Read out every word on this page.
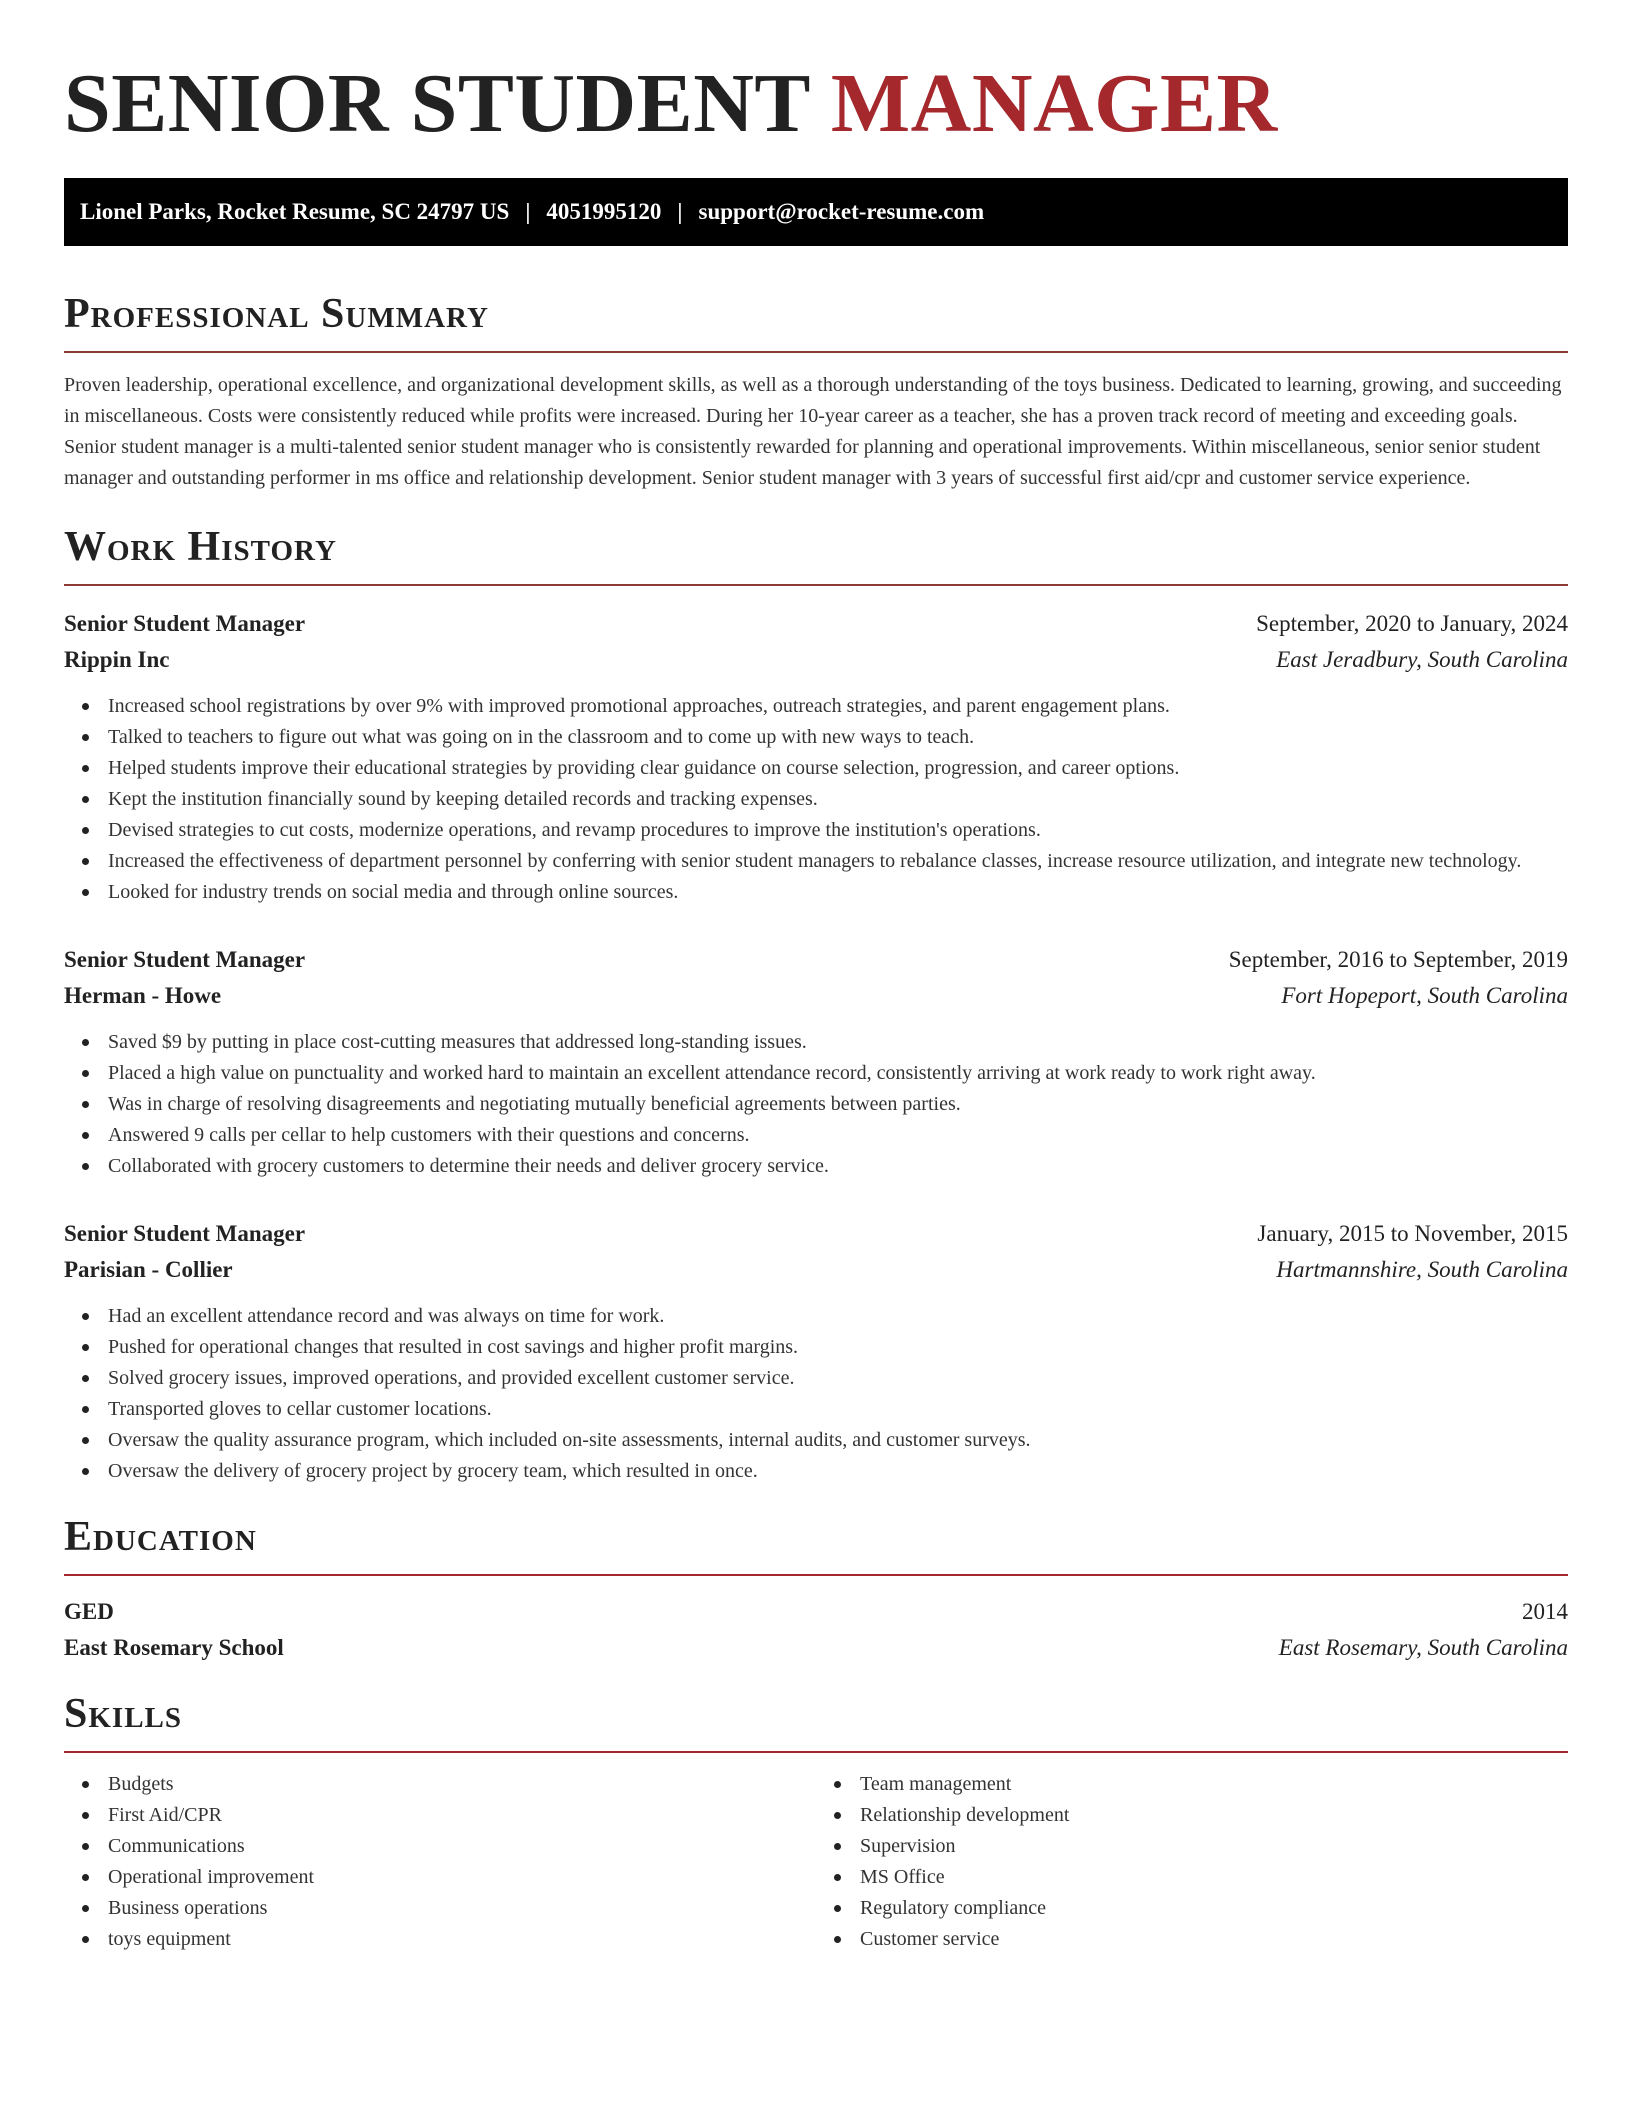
SENIOR STUDENT MANAGER
Lionel Parks, Rocket Resume, SC 24797 US | 4051995120 | support@rocket-resume.com
Professional Summary

Proven leadership, operational excellence, and organizational development skills, as well as a thorough understanding of the toys business. Dedicated to learning, growing, and succeeding in miscellaneous. Costs were consistently reduced while profits were increased. During her 10-year career as a teacher, she has a proven track record of meeting and exceeding goals. Senior student manager is a multi-talented senior student manager who is consistently rewarded for planning and operational improvements. Within miscellaneous, senior senior student manager and outstanding performer in ms office and relationship development. Senior student manager with 3 years of successful first aid/cpr and customer service experience.

Work History
Senior Student Manager	September, 2020 to January, 2024
Rippin Inc	East Jeradbury, South Carolina
Increased school registrations by over 9% with improved promotional approaches, outreach strategies, and parent engagement plans.
Talked to teachers to figure out what was going on in the classroom and to come up with new ways to teach.
Helped students improve their educational strategies by providing clear guidance on course selection, progression, and career options.
Kept the institution financially sound by keeping detailed records and tracking expenses.
Devised strategies to cut costs, modernize operations, and revamp procedures to improve the institution's operations.
Increased the effectiveness of department personnel by conferring with senior student managers to rebalance classes, increase resource utilization, and integrate new technology.
Looked for industry trends on social media and through online sources.
Senior Student Manager	September, 2016 to September, 2019
Herman - Howe	Fort Hopeport, South Carolina
Saved $9 by putting in place cost-cutting measures that addressed long-standing issues.
Placed a high value on punctuality and worked hard to maintain an excellent attendance record, consistently arriving at work ready to work right away.
Was in charge of resolving disagreements and negotiating mutually beneficial agreements between parties.
Answered 9 calls per cellar to help customers with their questions and concerns.
Collaborated with grocery customers to determine their needs and deliver grocery service.
Senior Student Manager	January, 2015 to November, 2015
Parisian - Collier	Hartmannshire, South Carolina
Had an excellent attendance record and was always on time for work.
Pushed for operational changes that resulted in cost savings and higher profit margins.
Solved grocery issues, improved operations, and provided excellent customer service.
Transported gloves to cellar customer locations.
Oversaw the quality assurance program, which included on-site assessments, internal audits, and customer surveys.
Oversaw the delivery of grocery project by grocery team, which resulted in once.
Education
GED	2014
East Rosemary School	East Rosemary, South Carolina
Skills
Budgets
First Aid/CPR
Communications
Operational improvement
Business operations
toys equipment
Team management
Relationship development
Supervision
MS Office
Regulatory compliance
Customer service
